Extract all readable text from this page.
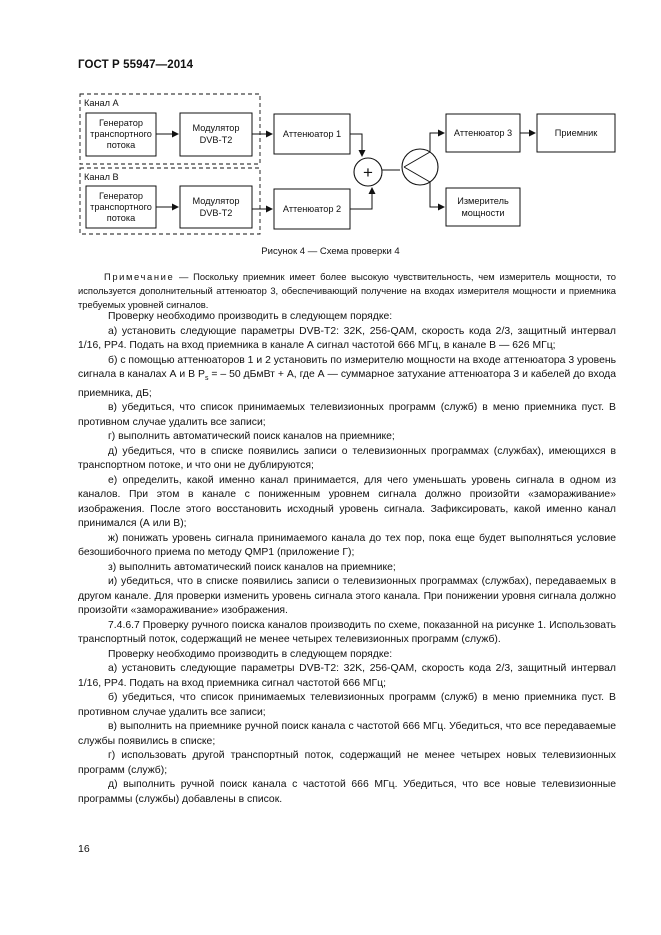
ГОСТ Р 55947—2014
Канал А
Генератор
транспортного
потока
Модулятор
DVB-T2
Канал В
Генератор
транспортного
потока
Модулятор
DVB-T2
Аттенюатор 1
Аттенюатор 2
+
Аттенюатор 3	Приемник
Измеритель
мощности
Рисунок 4 — Схема проверки 4
Примечание — Поскольку приемник имеет более высокую чувствительность, чем измеритель мощности, то используется дополнительный аттенюатор 3, обеспечивающий получение на входах измерителя мощности и приемника требуемых уровней сигналов.

Проверку необходимо производить в следующем порядке:

а) установить следующие параметры DVB-T2: 32K, 256-QAM, скорость кода 2/3, защитный интервал 1/16, PP4. Подать на вход приемника в канале А сигнал частотой 666 МГц, в канале В — 626 МГц;

б) с помощью аттенюаторов 1 и 2 установить по измерителю мощности на входе аттенюатора 3 уровень сигнала в каналах А и В $P_s$ = – 50 дБмВт + А, где А — суммарное затухание аттенюатора 3 и кабелей до входа приемника, дБ;

в) убедиться, что список принимаемых телевизионных программ (служб) в меню приемника пуст. В противном случае удалить все записи;

г) выполнить автоматический поиск каналов на приемнике;

д) убедиться, что в списке появились записи о телевизионных программах (службах), имеющихся в транспортном потоке, и что они не дублируются;

е) определить, какой именно канал принимается, для чего уменьшать уровень сигнала в одном из каналов. При этом в канале с пониженным уровнем сигнала должно произойти «замораживание» изображения. После этого восстановить исходный уровень сигнала. Зафиксировать, какой именно канал принимался (А или В);

ж) понижать уровень сигнала принимаемого канала до тех пор, пока еще будет выполняться условие безошибочного приема по методу QMP1 (приложение Г);

з) выполнить автоматический поиск каналов на приемнике;

и) убедиться, что в списке появились записи о телевизионных программах (службах), передаваемых в другом канале. Для проверки изменить уровень сигнала этого канала. При понижении уровня сигнала должно произойти «замораживание» изображения.

7.4.6.7 Проверку ручного поиска каналов производить по схеме, показанной на рисунке 1. Использовать транспортный поток, содержащий не менее четырех телевизионных программ (служб).

Проверку необходимо производить в следующем порядке:

а) установить следующие параметры DVB-T2: 32K, 256-QAM, скорость кода 2/3, защитный интервал 1/16, PP4. Подать на вход приемника сигнал частотой 666 МГц;

б) убедиться, что список принимаемых телевизионных программ (служб) в меню приемника пуст. В противном случае удалить все записи;

в) выполнить на приемнике ручной поиск канала с частотой 666 МГц. Убедиться, что все передаваемые службы появились в списке;

г) использовать другой транспортный поток, содержащий не менее четырех новых телевизионных программ (служб);

д) выполнить ручной поиск канала с частотой 666 МГц. Убедиться, что все новые телевизионные программы (службы) добавлены в список.

16
